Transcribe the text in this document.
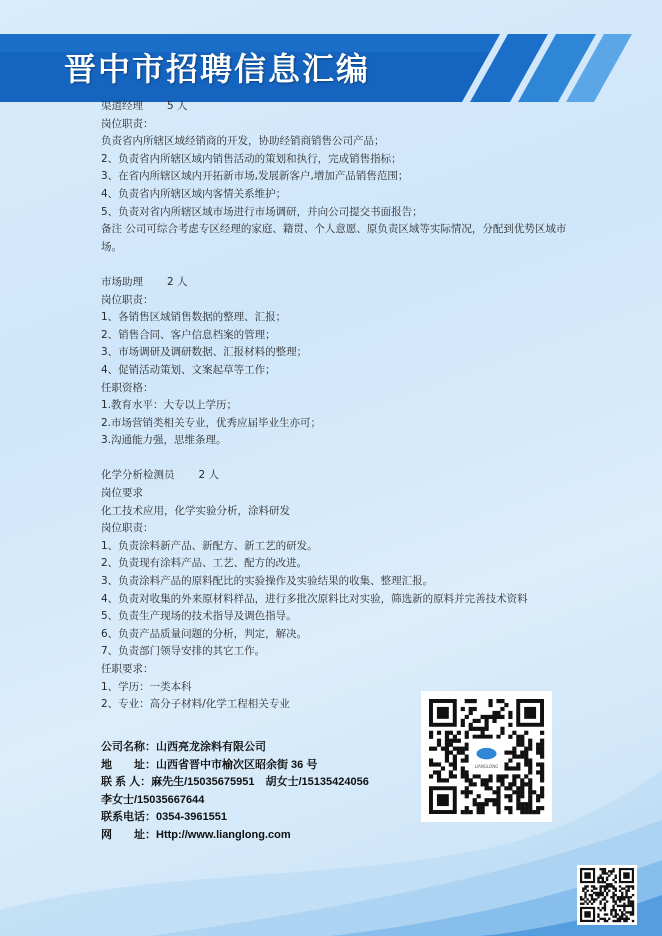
晋中市招聘信息汇编
渠道经理 5 人
岗位职责：
负责省内所辖区域经销商的开发，协助经销商销售公司产品；
2、负责省内所辖区域内销售活动的策划和执行，完成销售指标；
3、在省内所辖区域内开拓新市场,发展新客户,增加产品销售范围；
4、负责省内所辖区域内客情关系维护；
5、负责对省内所辖区域市场进行市场调研，并向公司提交书面报告；
备注 公司可综合考虑专区经理的家庭、籍贯、个人意愿、原负责区域等实际情况，分配到优势区域市场。
市场助理 2 人
岗位职责：
1、各销售区域销售数据的整理、汇报；
2、销售合同、客户信息档案的管理；
3、市场调研及调研数据、汇报材料的整理；
4、促销活动策划、文案起草等工作；
任职资格：
1.教育水平：大专以上学历；
2.市场营销类相关专业，优秀应届毕业生亦可；
3.沟通能力强，思维条理。
化学分析检测员 2 人
岗位要求
化工技术应用，化学实验分析，涂料研发
岗位职责：
1、负责涂料新产品、新配方、新工艺的研发。
2、负责现有涂料产品、工艺、配方的改进。
3、负责涂料产品的原料配比的实验操作及实验结果的收集、整理汇报。
4、负责对收集的外来原材料样品，进行多批次原料比对实验，筛选新的原料并完善技术资料
5、负责生产现场的技术指导及调色指导。
6、负责产品质量问题的分析，判定，解决。
7、负责部门领导安排的其它工作。
任职要求：
1、学历：一类本科
2、专业：高分子材料/化学工程相关专业
公司名称：山西亮龙涂料有限公司
地　　址：山西省晋中市榆次区昭余街 36 号
联 系 人：麻先生/15035675951　胡女士/15135424056
李女士/15035667644
联系电话：0354-3961551
网　　址：Http://www.lianglong.com
LIANGLONG
